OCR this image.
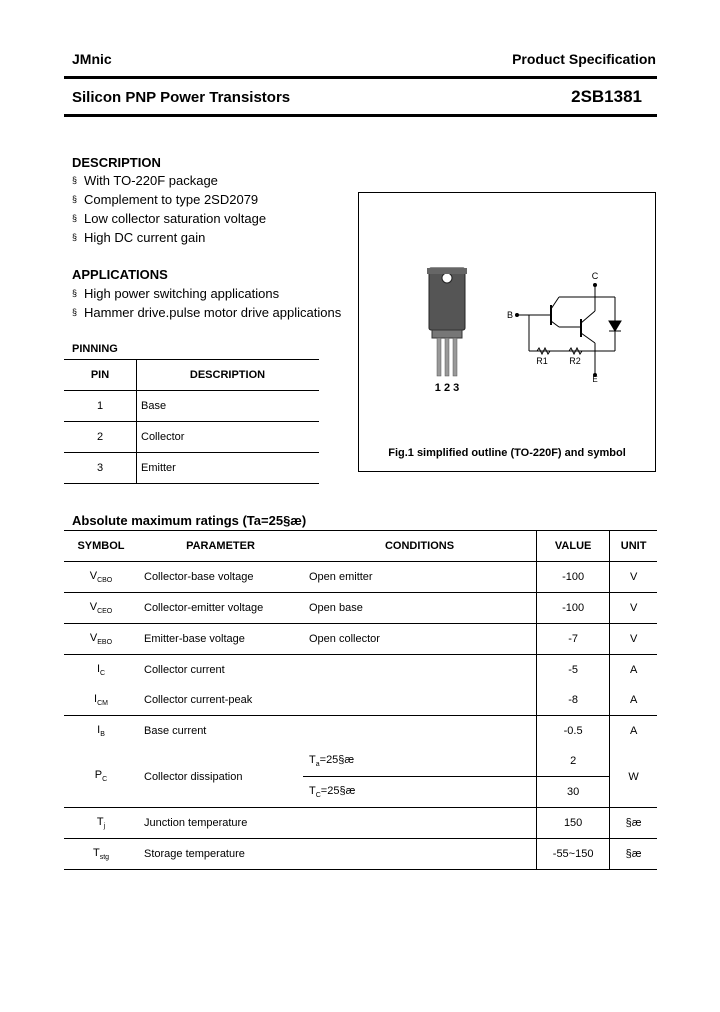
JMnic	Product Specification
Silicon PNP Power Transistors	2SB1381
DESCRIPTION
§ With TO-220F package
§ Complement to type 2SD2079
§ Low collector saturation voltage
§ High DC current gain
APPLICATIONS
§ High power switching applications
§ Hammer drive.pulse motor drive applications
1 2 3
C
B
R1 R2
E
Fig.1 simplified outline (TO-220F) and symbol
PINNING
PIN	DESCRIPTION
1	Base
2	Collector
3	Emitter
Absolute maximum ratings (Ta=25§æ)
SYMBOL	PARAMETER	CONDITIONS	VALUE	UNIT
$V_{CBO}$	Collector-base voltage	Open emitter	-100	V
$V_{CEO}$	Collector-emitter voltage	Open base	-100	V
$V_{EBO}$	Emitter-base voltage	Open collector	-7	V
$I_C$	Collector current		-5	A
$I_{CM}$	Collector current-peak		-8	A
$I_B$	Base current		-0.5	A
$P_C$	Collector dissipation	$T_a=25\S æ$	2	W
		$T_C=25\S æ$	30	
$T_j$	Junction temperature		150	§æ
$T_{stg}$	Storage temperature		-55~150	§æ
